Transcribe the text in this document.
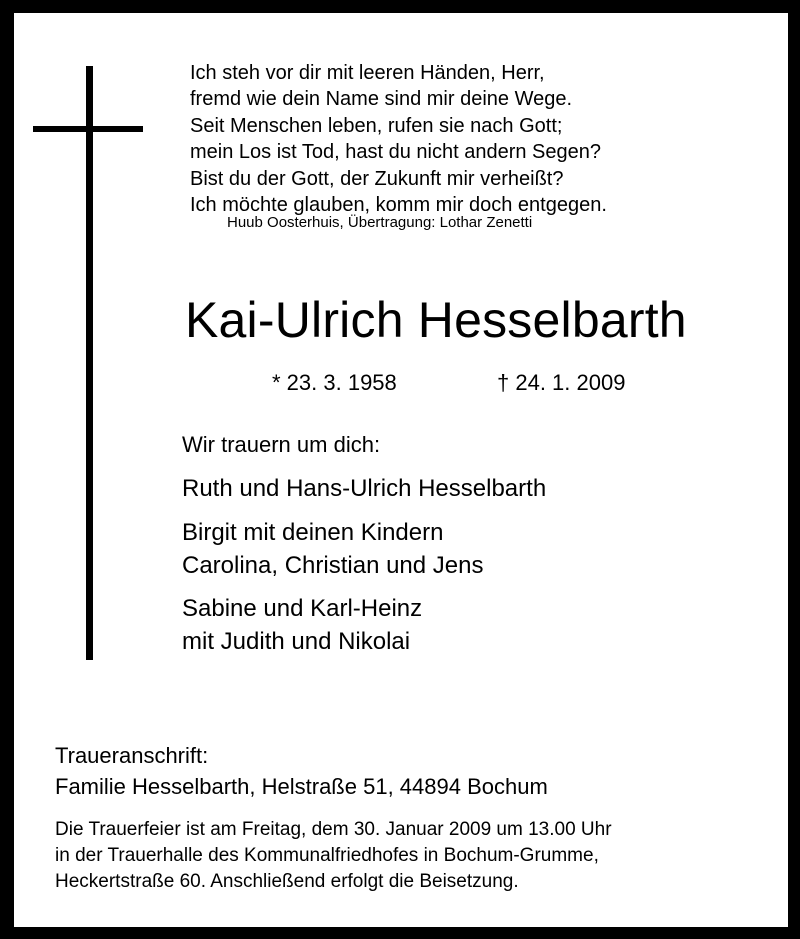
Ich steh vor dir mit leeren Händen, Herr,
fremd wie dein Name sind mir deine Wege.
Seit Menschen leben, rufen sie nach Gott;
mein Los ist Tod, hast du nicht andern Segen?
Bist du der Gott, der Zukunft mir verheißt?
Ich möchte glauben, komm mir doch entgegen.
Huub Oosterhuis, Übertragung: Lothar Zenetti
Kai-Ulrich Hesselbarth
* 23. 3. 1958	† 24. 1. 2009
Wir trauern um dich:
Ruth und Hans-Ulrich Hesselbarth
Birgit mit deinen Kindern
Carolina, Christian und Jens
Sabine und Karl-Heinz
mit Judith und Nikolai
Traueranschrift:
Familie Hesselbarth, Helstraße 51, 44894 Bochum
Die Trauerfeier ist am Freitag, dem 30. Januar 2009 um 13.00 Uhr
in der Trauerhalle des Kommunalfriedhofes in Bochum-Grumme,
Heckertstraße 60. Anschließend erfolgt die Beisetzung.
